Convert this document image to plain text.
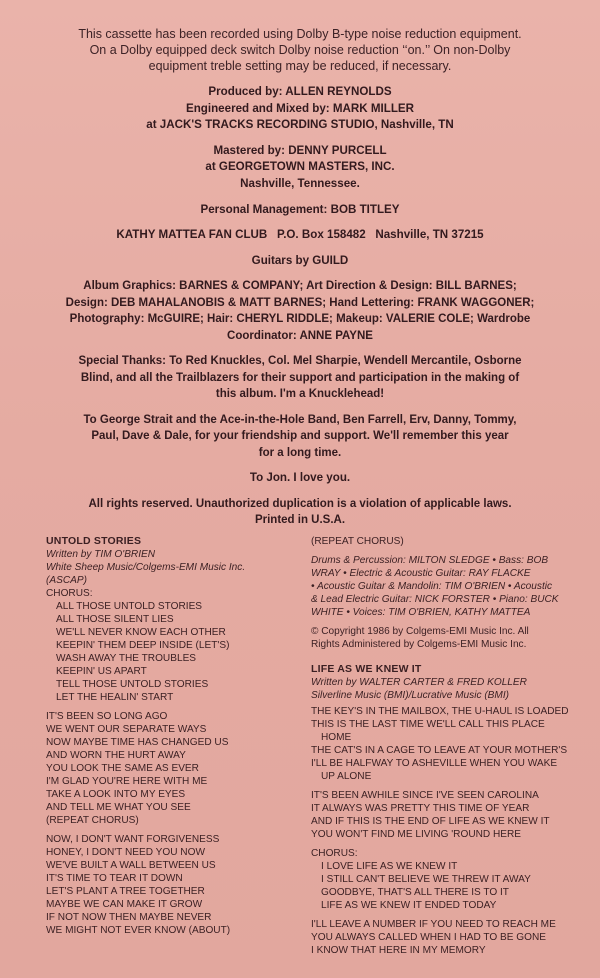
This cassette has been recorded using Dolby B-type noise reduction equipment.
On a Dolby equipped deck switch Dolby noise reduction ‘‘on.’’ On non-Dolby
equipment treble setting may be reduced, if necessary.

Produced by: ALLEN REYNOLDS

Engineered and Mixed by: MARK MILLER

at JACK'S TRACKS RECORDING STUDIO, Nashville, TN

Mastered by: DENNY PURCELL

at GEORGETOWN MASTERS, INC.

Nashville, Tennessee.

Personal Management: BOB TITLEY

KATHY MATTEA FAN CLUB   P.O. Box 158482   Nashville, TN 37215

Guitars by GUILD

Album Graphics: BARNES & COMPANY; Art Direction & Design: BILL BARNES;

Design: DEB MAHALANOBIS & MATT BARNES; Hand Lettering: FRANK WAGGONER;

Photography: McGUIRE; Hair: CHERYL RIDDLE; Makeup: VALERIE COLE; Wardrobe

Coordinator: ANNE PAYNE

Special Thanks: To Red Knuckles, Col. Mel Sharpie, Wendell Mercantile, Osborne

Blind, and all the Trailblazers for their support and participation in the making of

this album. I'm a Knucklehead!

To George Strait and the Ace-in-the-Hole Band, Ben Farrell, Erv, Danny, Tommy,

Paul, Dave & Dale, for your friendship and support. We'll remember this year

for a long time.

To Jon. I love you.

All rights reserved. Unauthorized duplication is a violation of applicable laws.

Printed in U.S.A.

UNTOLD STORIES

Written by TIM O'BRIEN

White Sheep Music/Colgems-EMI Music Inc.

(ASCAP)

CHORUS:

ALL THOSE UNTOLD STORIES

ALL THOSE SILENT LIES

WE'LL NEVER KNOW EACH OTHER

KEEPIN' THEM DEEP INSIDE (LET'S)

WASH AWAY THE TROUBLES

KEEPIN' US APART

TELL THOSE UNTOLD STORIES

LET THE HEALIN' START

IT'S BEEN SO LONG AGO

WE WENT OUR SEPARATE WAYS

NOW MAYBE TIME HAS CHANGED US

AND WORN THE HURT AWAY

YOU LOOK THE SAME AS EVER

I'M GLAD YOU'RE HERE WITH ME

TAKE A LOOK INTO MY EYES

AND TELL ME WHAT YOU SEE

(REPEAT CHORUS)

NOW, I DON'T WANT FORGIVENESS

HONEY, I DON'T NEED YOU NOW

WE'VE BUILT A WALL BETWEEN US

IT'S TIME TO TEAR IT DOWN

LET'S PLANT A TREE TOGETHER

MAYBE WE CAN MAKE IT GROW

IF NOT NOW THEN MAYBE NEVER

WE MIGHT NOT EVER KNOW (ABOUT)

(REPEAT CHORUS)

Drums & Percussion: MILTON SLEDGE • Bass: BOB

WRAY • Electric & Acoustic Guitar: RAY FLACKE

• Acoustic Guitar & Mandolin: TIM O'BRIEN • Acoustic

& Lead Electric Guitar: NICK FORSTER • Piano: BUCK

WHITE • Voices: TIM O'BRIEN, KATHY MATTEA

© Copyright 1986 by Colgems-EMI Music Inc. All

Rights Administered by Colgems-EMI Music Inc.

LIFE AS WE KNEW IT

Written by WALTER CARTER & FRED KOLLER

Silverline Music (BMI)/Lucrative Music (BMI)

THE KEY'S IN THE MAILBOX, THE U-HAUL IS LOADED

THIS IS THE LAST TIME WE'LL CALL THIS PLACE

HOME

THE CAT'S IN A CAGE TO LEAVE AT YOUR MOTHER'S

I'LL BE HALFWAY TO ASHEVILLE WHEN YOU WAKE

UP ALONE

IT'S BEEN AWHILE SINCE I'VE SEEN CAROLINA

IT ALWAYS WAS PRETTY THIS TIME OF YEAR

AND IF THIS IS THE END OF LIFE AS WE KNEW IT

YOU WON'T FIND ME LIVING 'ROUND HERE

CHORUS:

I LOVE LIFE AS WE KNEW IT

I STILL CAN'T BELIEVE WE THREW IT AWAY

GOODBYE, THAT'S ALL THERE IS TO IT

LIFE AS WE KNEW IT ENDED TODAY

I'LL LEAVE A NUMBER IF YOU NEED TO REACH ME

YOU ALWAYS CALLED WHEN I HAD TO BE GONE

I KNOW THAT HERE IN MY MEMORY
